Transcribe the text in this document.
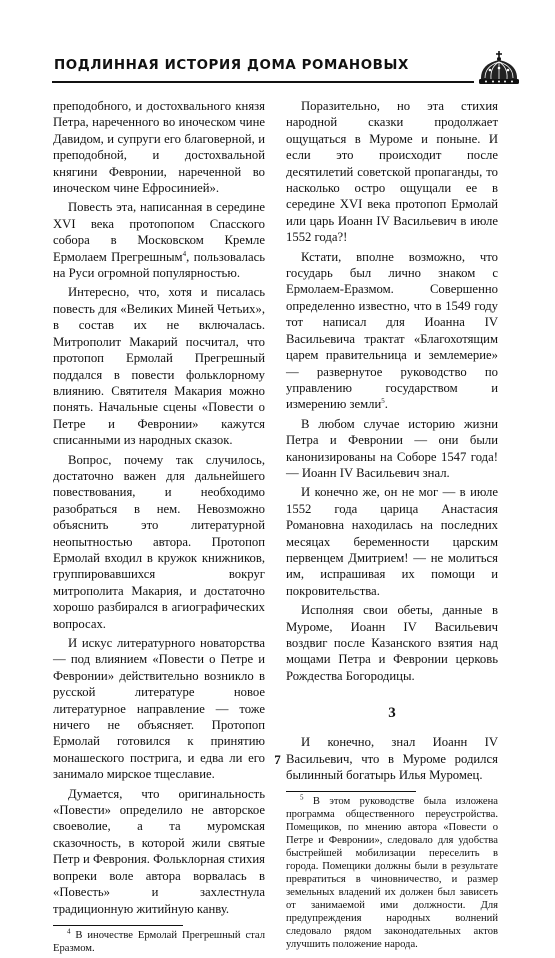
ПОДЛИННАЯ ИСТОРИЯ ДОМА РОМАНОВЫХ

преподобного, и достохвального князя Петра, нареченного во иноческом чине Давидом, и супруги его благоверной, и преподобной, и достохвальной княгини Февронии, нареченной во иноческом чине Ефросинией».

Повесть эта, написанная в середине XVI века протопопом Спасского собора в Московском Кремле Ермолаем Прегрешным$^4$, пользовалась на Руси огромной популярностью.

Интересно, что, хотя и писалась повесть для «Великих Миней Четьих», в состав их не включалась. Митрополит Макарий посчитал, что протопоп Ермолай Прегрешный поддался в повести фольклорному влиянию. Святителя Макария можно понять. Начальные сцены «Повести о Петре и Февронии» кажутся списанными из народных сказок.

Вопрос, почему так случилось, достаточно важен для дальнейшего повествования, и необходимо разобраться в нем. Невозможно объяснить это литературной неопытностью автора. Протопоп Ермолай входил в кружок книжников, группировавшихся вокруг митрополита Макария, и достаточно хорошо разбирался в агиографических вопросах.

И искус литературного новаторства — под влиянием «Повести о Петре и Февронии» действительно возникло в русской литературе новое литературное направление — тоже ничего не объясняет. Протопоп Ермолай готовился к принятию монашеского пострига, и едва ли его занимало мирское тщеславие.

Думается, что оригинальность «Повести» определило не авторское своеволие, а та муромская сказочность, в которой жили святые Петр и Феврония. Фольклорная стихия вопреки воле автора ворвалась в «Повесть» и захлестнула традиционную житийную канву.

$^4$ В иночестве Ермолай Прегрешный стал Еразмом.

Поразительно, но эта стихия народной сказки продолжает ощущаться в Муроме и поныне. И если это происходит после десятилетий советской пропаганды, то насколько остро ощущали ее в середине XVI века протопоп Ермолай или царь Иоанн IV Васильевич в июле 1552 года?!

Кстати, вполне возможно, что государь был лично знаком с Ермолаем-Еразмом. Совершенно определенно известно, что в 1549 году тот написал для Иоанна IV Васильевича трактат «Благохотящим царем правительница и землемерие» — развернутое руководство по управлению государством и измерению земли$^5$.

В любом случае историю жизни Петра и Февронии — они были канонизированы на Соборе 1547 года! — Иоанн IV Васильевич знал.

И конечно же, он не мог — в июле 1552 года царица Анастасия Романовна находилась на последних месяцах беременности царским первенцем Дмитрием! — не молиться им, испрашивая их помощи и покровительства.

Исполняя свои обеты, данные в Муроме, Иоанн IV Васильевич воздвиг после Казанского взятия над мощами Петра и Февронии церковь Рождества Богородицы.

3

И конечно, знал Иоанн IV Васильевич, что в Муроме родился былинный богатырь Илья Муромец.

$^5$ В этом руководстве была изложена программа общественного переустройства. Помещиков, по мнению автора «Повести о Петре и Февронии», следовало для удобства быстрейшей мобилизации переселить в города. Помещики должны были в результате превратиться в чиновничество, и размер земельных владений их должен был зависеть от занимаемой ими должности. Для предупреждения народных волнений следовало рядом законодательных актов улучшить положение народа.

7
